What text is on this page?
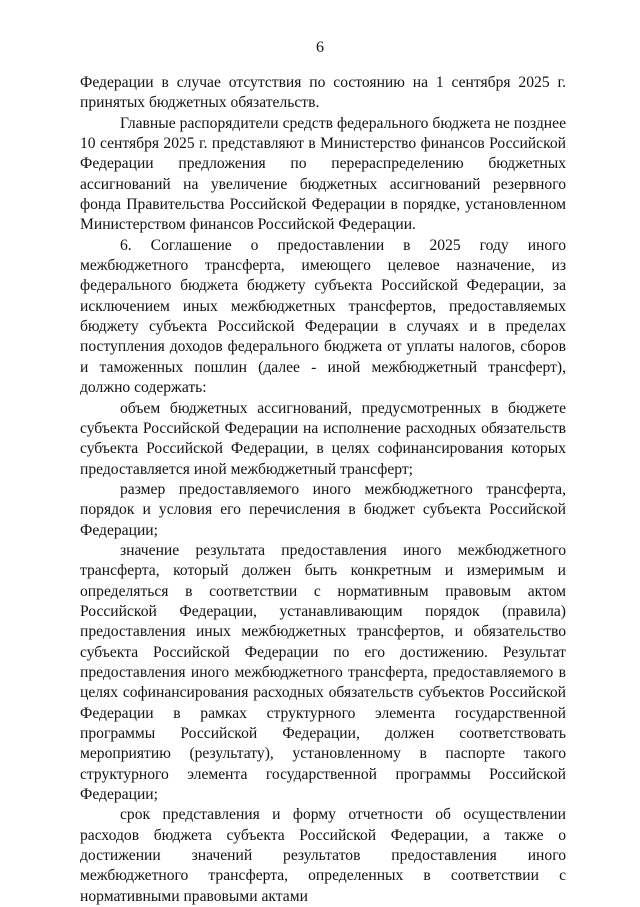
6

Федерации в случае отсутствия по состоянию на 1 сентября 2025 г. принятых бюджетных обязательств.

Главные распорядители средств федерального бюджета не позднее 10 сентября 2025 г. представляют в Министерство финансов Российской Федерации предложения по перераспределению бюджетных ассигнований на увеличение бюджетных ассигнований резервного фонда Правительства Российской Федерации в порядке, установленном Министерством финансов Российской Федерации.

6. Соглашение о предоставлении в 2025 году иного межбюджетного трансферта, имеющего целевое назначение, из федерального бюджета бюджету субъекта Российской Федерации, за исключением иных межбюджетных трансфертов, предоставляемых бюджету субъекта Российской Федерации в случаях и в пределах поступления доходов федерального бюджета от уплаты налогов, сборов и таможенных пошлин (далее - иной межбюджетный трансферт), должно содержать:

объем бюджетных ассигнований, предусмотренных в бюджете субъекта Российской Федерации на исполнение расходных обязательств субъекта Российской Федерации, в целях софинансирования которых предоставляется иной межбюджетный трансферт;

размер предоставляемого иного межбюджетного трансферта, порядок и условия его перечисления в бюджет субъекта Российской Федерации;

значение результата предоставления иного межбюджетного трансферта, который должен быть конкретным и измеримым и определяться в соответствии с нормативным правовым актом Российской Федерации, устанавливающим порядок (правила) предоставления иных межбюджетных трансфертов, и обязательство субъекта Российской Федерации по его достижению. Результат предоставления иного межбюджетного трансферта, предоставляемого в целях софинансирования расходных обязательств субъектов Российской Федерации в рамках структурного элемента государственной программы Российской Федерации, должен соответствовать мероприятию (результату), установленному в паспорте такого структурного элемента государственной программы Российской Федерации;

срок представления и форму отчетности об осуществлении расходов бюджета субъекта Российской Федерации, а также о достижении значений результатов предоставления иного межбюджетного трансферта, определенных в соответствии с нормативными правовыми актами
